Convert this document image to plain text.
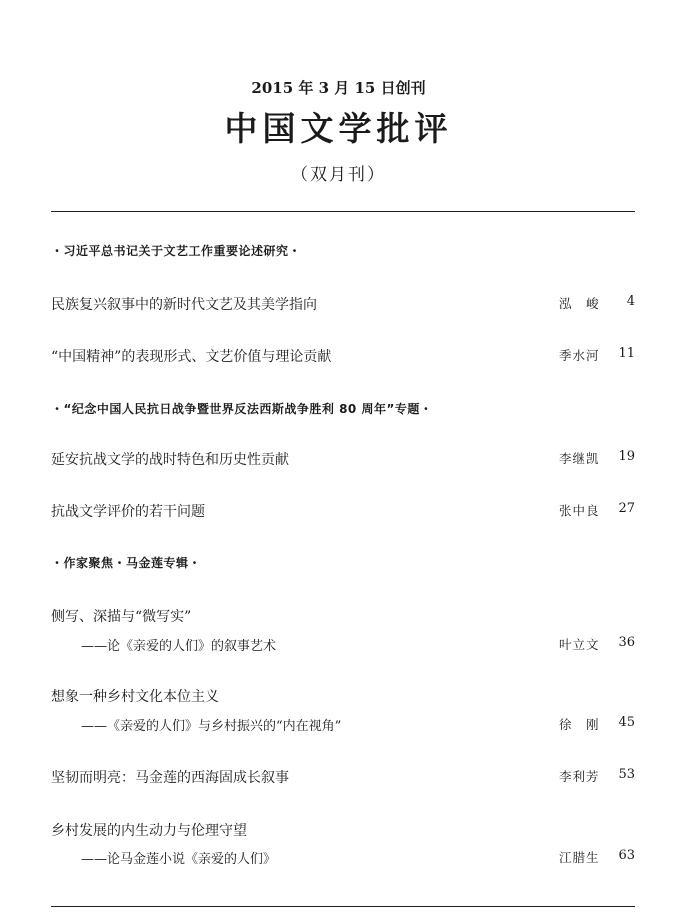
2015 年 3 月 15 日创刊
中国文学批评
（双月刊）
・习近平总书记关于文艺工作重要论述研究・
民族复兴叙事中的新时代文艺及其美学指向	泓　峻 4
“中国精神”的表现形式、文艺价值与理论贡献	季水河 11
・“纪念中国人民抗日战争暨世界反法西斯战争胜利 80 周年”专题・
延安抗战文学的战时特色和历史性贡献	李继凯 19
抗战文学评价的若干问题	张中良 27
・作家聚焦・马金莲专辑・
侧写、深描与“微写实”
——论《亲爱的人们》的叙事艺术	叶立文 36
想象一种乡村文化本位主义
——《亲爱的人们》与乡村振兴的“内在视角”	徐　刚 45
坚韧而明亮：马金莲的西海固成长叙事	李利芳 53
乡村发展的内生动力与伦理守望
——论马金莲小说《亲爱的人们》	江腊生 63
